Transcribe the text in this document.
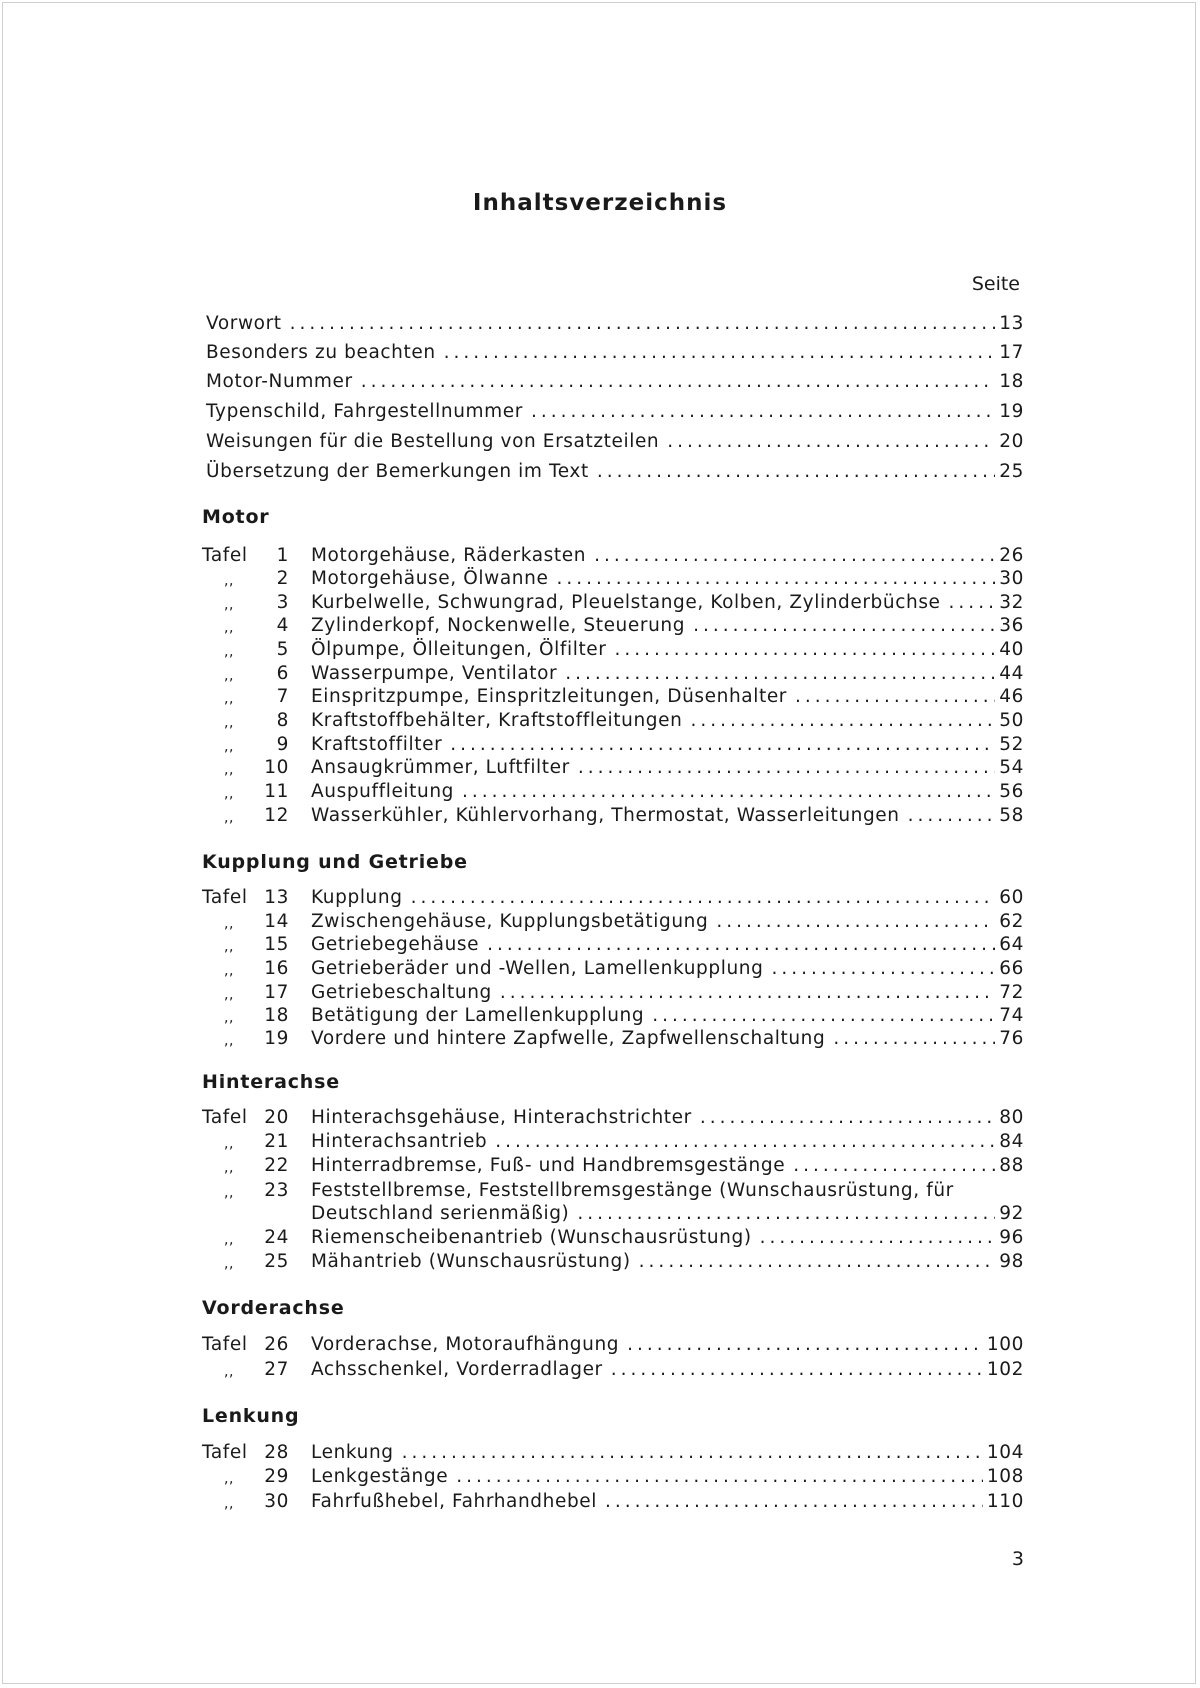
Inhaltsverzeichnis
Seite
Vorwort .....	13
Besonders zu beachten .....	17
Motor-Nummer .....	18
Typenschild, Fahrgestellnummer .....	19
Weisungen für die Bestellung von Ersatzteilen .....	20
Übersetzung der Bemerkungen im Text .....	25
Motor
Tafel	1 Motorgehäuse, Räderkasten .....	26
,,	2 Motorgehäuse, Ölwanne .....	30
,,	3 Kurbelwelle, Schwungrad, Pleuelstange, Kolben, Zylinderbüchse .....	32
,,	4 Zylinderkopf, Nockenwelle, Steuerung .....	36
,,	5 Ölpumpe, Ölleitungen, Ölfilter .....	40
,,	6 Wasserpumpe, Ventilator .....	44
,,	7 Einspritzpumpe, Einspritzleitungen, Düsenhalter .....	46
,,	8 Kraftstoffbehälter, Kraftstoffleitungen .....	50
,,	9 Kraftstoffilter .....	52
,,	10 Ansaugkrümmer, Luftfilter .....	54
,,	11 Auspuffleitung .....	56
,,	12 Wasserkühler, Kühlervorhang, Thermostat, Wasserleitungen .....	58
Kupplung und Getriebe
Tafel 13 Kupplung .....	60
,,	14 Zwischengehäuse, Kupplungsbetätigung .....	62
,,	15 Getriebegehäuse .....	64
,,	16 Getrieberäder und -Wellen, Lamellenkupplung .....	66
,,	17 Getriebeschaltung .....	72
,,	18 Betätigung der Lamellenkupplung .....	74
,,	19 Vordere und hintere Zapfwelle, Zapfwellenschaltung .....	76
Hinterachse
Tafel 20 Hinterachsgehäuse, Hinterachstrichter .....	80
,,	21 Hinterachsantrieb .....	84
,,	22 Hinterradbremse, Fuß- und Handbremsgestänge .....	88
,,	23 Feststellbremse, Feststellbremsgestänge (Wunschausrüstung, für
Deutschland serienmäßig) .....	92
,,	24 Riemenscheibenantrieb (Wunschausrüstung) .....	96
,,	25 Mähantrieb (Wunschausrüstung) .....	98
Vorderachse
Tafel 26 Vorderachse, Motoraufhängung .....	100
,,	27 Achsschenkel, Vorderradlager .....	102
Lenkung
Tafel 28 Lenkung .....	104
,,	29 Lenkgestänge .....	108
,,	30 Fahrfußhebel, Fahrhandhebel .....	110
3
